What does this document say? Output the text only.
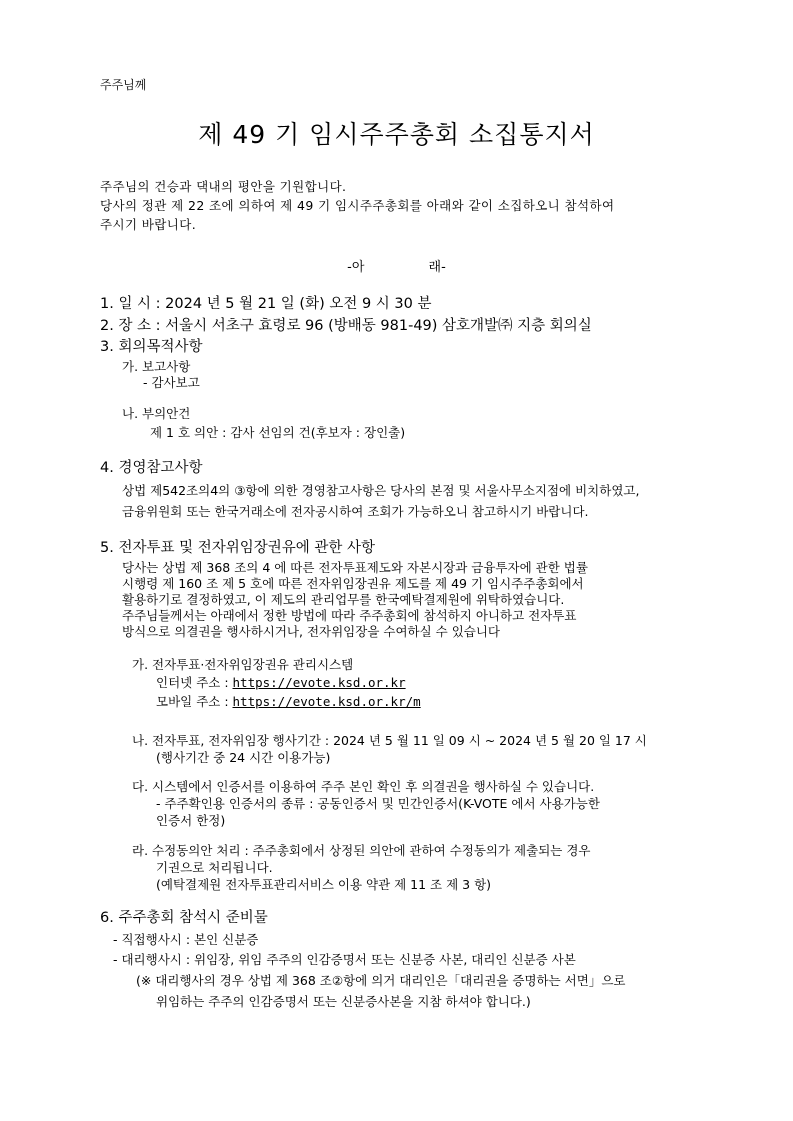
주주님께
제 49 기 임시주주총회 소집통지서
주주님의 건승과 댁내의 평안을 기원합니다.
당사의 정관 제 22 조에 의하여 제 49 기 임시주주총회를 아래와 같이 소집하오니 참석하여
주시기 바랍니다.
-아 래-
1. 일 시 : 2024 년 5 월 21 일 (화) 오전 9 시 30 분
2. 장 소 : 서울시 서초구 효령로 96 (방배동 981-49) 삼호개발㈜ 지층 회의실
3. 회의목적사항
가. 보고사항
- 감사보고
나. 부의안건
제 1 호 의안 : 감사 선임의 건(후보자 : 장인출)
4. 경영참고사항
상법 제542조의4의 ③항에 의한 경영참고사항은 당사의 본점 및 서울사무소지점에 비치하였고,
금융위원회 또는 한국거래소에 전자공시하여 조회가 가능하오니 참고하시기 바랍니다.
5. 전자투표 및 전자위임장권유에 관한 사항
당사는 상법 제 368 조의 4 에 따른 전자투표제도와 자본시장과 금융투자에 관한 법률
시행령 제 160 조 제 5 호에 따른 전자위임장권유 제도를 제 49 기 임시주주총회에서
활용하기로 결정하였고, 이 제도의 관리업무를 한국예탁결제원에 위탁하였습니다.
주주님들께서는 아래에서 정한 방법에 따라 주주총회에 참석하지 아니하고 전자투표
방식으로 의결권을 행사하시거나, 전자위임장을 수여하실 수 있습니다
가. 전자투표·전자위임장권유 관리시스템
인터넷 주소 : https://evote.ksd.or.kr
모바일 주소 : https://evote.ksd.or.kr/m
나. 전자투표, 전자위임장 행사기간 : 2024 년 5 월 11 일 09 시 ~ 2024 년 5 월 20 일 17 시
(행사기간 중 24 시간 이용가능)
다. 시스템에서 인증서를 이용하여 주주 본인 확인 후 의결권을 행사하실 수 있습니다.
- 주주확인용 인증서의 종류 : 공동인증서 및 민간인증서(K-VOTE 에서 사용가능한
인증서 한정)
라. 수정동의안 처리 : 주주총회에서 상정된 의안에 관하여 수정동의가 제출되는 경우
기권으로 처리됩니다.
(예탁결제원 전자투표관리서비스 이용 약관 제 11 조 제 3 항)
6. 주주총회 참석시 준비물
- 직접행사시 : 본인 신분증
- 대리행사시 : 위임장, 위임 주주의 인감증명서 또는 신분증 사본, 대리인 신분증 사본
(※ 대리행사의 경우 상법 제 368 조②항에 의거 대리인은「대리권을 증명하는 서면」으로
위임하는 주주의 인감증명서 또는 신분증사본을 지참 하셔야 합니다.)
